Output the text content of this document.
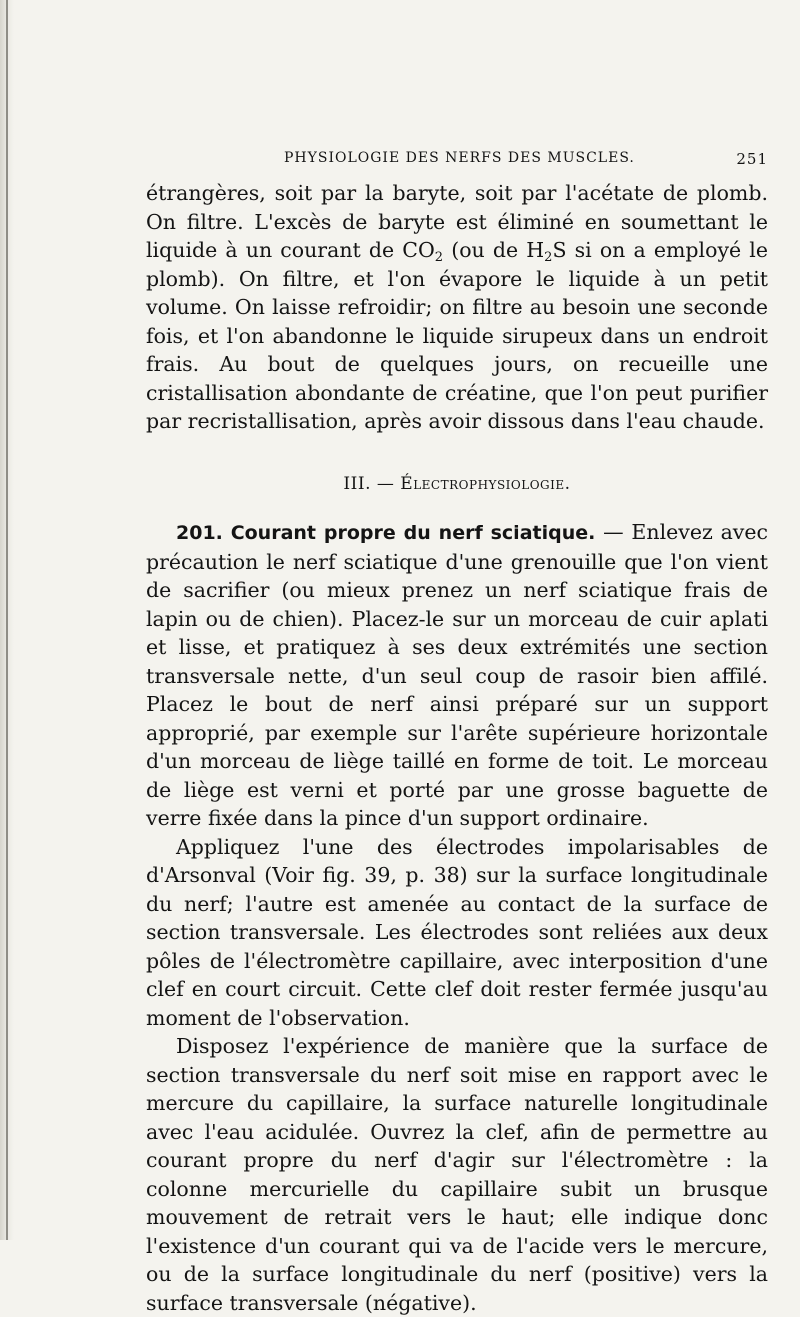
PHYSIOLOGIE DES NERFS DES MUSCLES.	251

étrangères, soit par la baryte, soit par l'acétate de plomb. On filtre. L'excès de baryte est éliminé en soumettant le liquide à un courant de $CO_2$ (ou de $H_2S$ si on a employé le plomb). On filtre, et l'on évapore le liquide à un petit volume. On laisse refroidir; on filtre au besoin une seconde fois, et l'on abandonne le liquide sirupeux dans un endroit frais. Au bout de quelques jours, on recueille une cristallisation abondante de créatine, que l'on peut purifier par recristallisation, après avoir dissous dans l'eau chaude.

III. — Électrophysiologie.

201. Courant propre du nerf sciatique. — Enlevez avec précaution le nerf sciatique d'une grenouille que l'on vient de sacrifier (ou mieux prenez un nerf sciatique frais de lapin ou de chien). Placez-le sur un morceau de cuir aplati et lisse, et pratiquez à ses deux extrémités une section transversale nette, d'un seul coup de rasoir bien affilé. Placez le bout de nerf ainsi préparé sur un support approprié, par exemple sur l'arête supérieure horizontale d'un morceau de liège taillé en forme de toit. Le morceau de liège est verni et porté par une grosse baguette de verre fixée dans la pince d'un support ordinaire.

Appliquez l'une des électrodes impolarisables de d'Arsonval (Voir fig. 39, p. 38) sur la surface longitudinale du nerf; l'autre est amenée au contact de la surface de section transversale. Les électrodes sont reliées aux deux pôles de l'électromètre capillaire, avec interposition d'une clef en court circuit. Cette clef doit rester fermée jusqu'au moment de l'observation.

Disposez l'expérience de manière que la surface de section transversale du nerf soit mise en rapport avec le mercure du capillaire, la surface naturelle longitudinale avec l'eau acidulée. Ouvrez la clef, afin de permettre au courant propre du nerf d'agir sur l'électromètre : la colonne mercurielle du capillaire subit un brusque mouvement de retrait vers le haut; elle indique donc l'existence d'un courant qui va de l'acide vers le mercure, ou de la surface longitudinale du nerf (positive) vers la surface transversale (négative).
